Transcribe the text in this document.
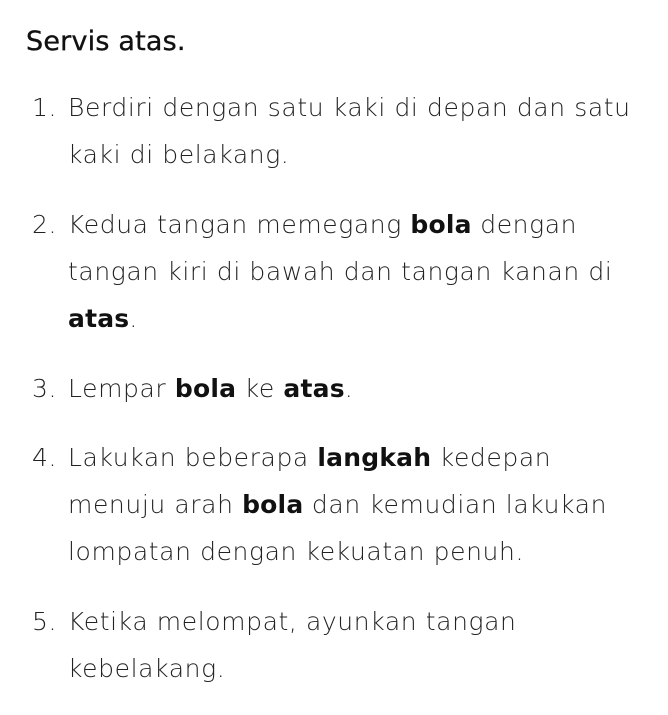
Servis atas.
1. Berdiri dengan satu kaki di depan dan satu kaki di belakang.
2. Kedua tangan memegang bola dengan tangan kiri di bawah dan tangan kanan di atas.
3. Lempar bola ke atas.
4. Lakukan beberapa langkah kedepan menuju arah bola dan kemudian lakukan lompatan dengan kekuatan penuh.
5. Ketika melompat, ayunkan tangan kebelakang.
